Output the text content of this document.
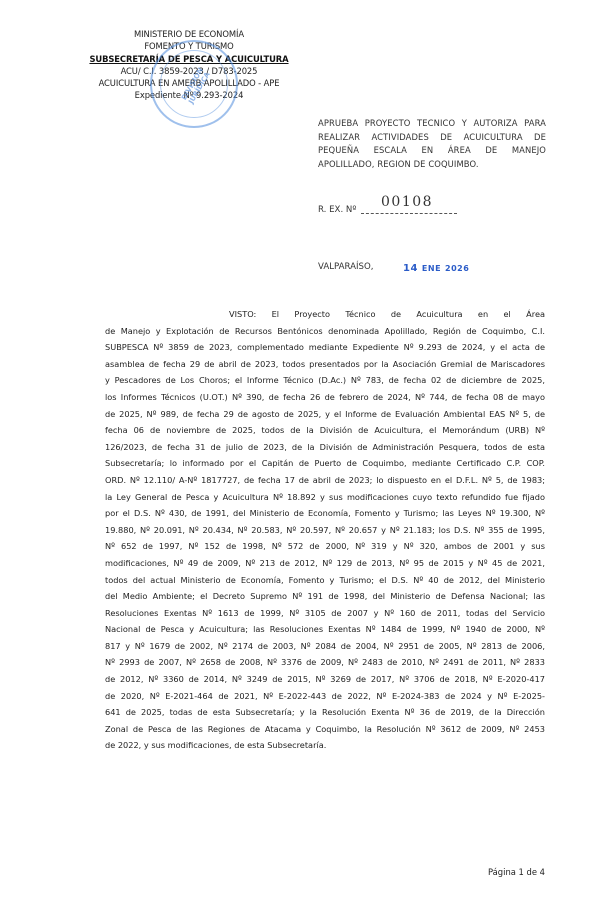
MINISTERIO DE ECONOMÍA
FOMENTO Y TURISMO
SUBSECRETARÍA DE PESCA Y ACUICULTURA
ACU/ C.I. 3859-2023 / D783-2025
ACUICULTURA EN AMERB APOLILLADO - APE
Expediente Nº 9.293-2024
DIVISIÓN JURÍDICA
APRUEBA PROYECTO TECNICO Y AUTORIZA PARA
REALIZAR ACTIVIDADES DE ACUICULTURA DE
PEQUEÑA ESCALA EN ÁREA DE MANEJO
APOLILLADO, REGION DE COQUIMBO.
R. EX. Nº 00108
VALPARAÍSO,	14 ENE 2026
VISTO: El Proyecto Técnico de Acuicultura en el Área
de Manejo y Explotación de Recursos Bentónicos denominada Apolillado, Región de Coquimbo, C.I.
SUBPESCA Nº 3859 de 2023, complementado mediante Expediente Nº 9.293 de 2024, y el acta de
asamblea de fecha 29 de abril de 2023, todos presentados por la Asociación Gremial de Mariscadores
y Pescadores de Los Choros; el Informe Técnico (D.Ac.) Nº 783, de fecha 02 de diciembre de 2025,
los Informes Técnicos (U.OT.) Nº 390, de fecha 26 de febrero de 2024, Nº 744, de fecha 08 de mayo
de 2025, Nº 989, de fecha 29 de agosto de 2025, y el Informe de Evaluación Ambiental EAS Nº 5, de
fecha 06 de noviembre de 2025, todos de la División de Acuicultura, el Memorándum (URB) Nº
126/2023, de fecha 31 de julio de 2023, de la División de Administración Pesquera, todos de esta
Subsecretaría; lo informado por el Capitán de Puerto de Coquimbo, mediante Certificado C.P. COP.
ORD. Nº 12.110/ A-Nº 1817727, de fecha 17 de abril de 2023; lo dispuesto en el D.F.L. Nº 5, de 1983;
la Ley General de Pesca y Acuicultura Nº 18.892 y sus modificaciones cuyo texto refundido fue fijado
por el D.S. Nº 430, de 1991, del Ministerio de Economía, Fomento y Turismo; las Leyes Nº 19.300, Nº
19.880, Nº 20.091, Nº 20.434, Nº 20.583, Nº 20.597, Nº 20.657 y Nº 21.183; los D.S. Nº 355 de 1995,
Nº 652 de 1997, Nº 152 de 1998, Nº 572 de 2000, Nº 319 y Nº 320, ambos de 2001 y sus
modificaciones, Nº 49 de 2009, Nº 213 de 2012, Nº 129 de 2013, Nº 95 de 2015 y Nº 45 de 2021,
todos del actual Ministerio de Economía, Fomento y Turismo; el D.S. Nº 40 de 2012, del Ministerio
del Medio Ambiente; el Decreto Supremo Nº 191 de 1998, del Ministerio de Defensa Nacional; las
Resoluciones Exentas Nº 1613 de 1999, Nº 3105 de 2007 y Nº 160 de 2011, todas del Servicio
Nacional de Pesca y Acuicultura; las Resoluciones Exentas Nº 1484 de 1999, Nº 1940 de 2000, Nº
817 y Nº 1679 de 2002, Nº 2174 de 2003, Nº 2084 de 2004, Nº 2951 de 2005, Nº 2813 de 2006,
Nº 2993 de 2007, Nº 2658 de 2008, Nº 3376 de 2009, Nº 2483 de 2010, Nº 2491 de 2011, Nº 2833
de 2012, Nº 3360 de 2014, Nº 3249 de 2015, Nº 3269 de 2017, Nº 3706 de 2018, Nº E-2020-417
de 2020, Nº E-2021-464 de 2021, Nº E-2022-443 de 2022, Nº E-2024-383 de 2024 y Nº E-2025-
641 de 2025, todas de esta Subsecretaría; y la Resolución Exenta Nº 36 de 2019, de la Dirección
Zonal de Pesca de las Regiones de Atacama y Coquimbo, la Resolución Nº 3612 de 2009, Nº 2453
de 2022, y sus modificaciones, de esta Subsecretaría.
Página 1 de 4
